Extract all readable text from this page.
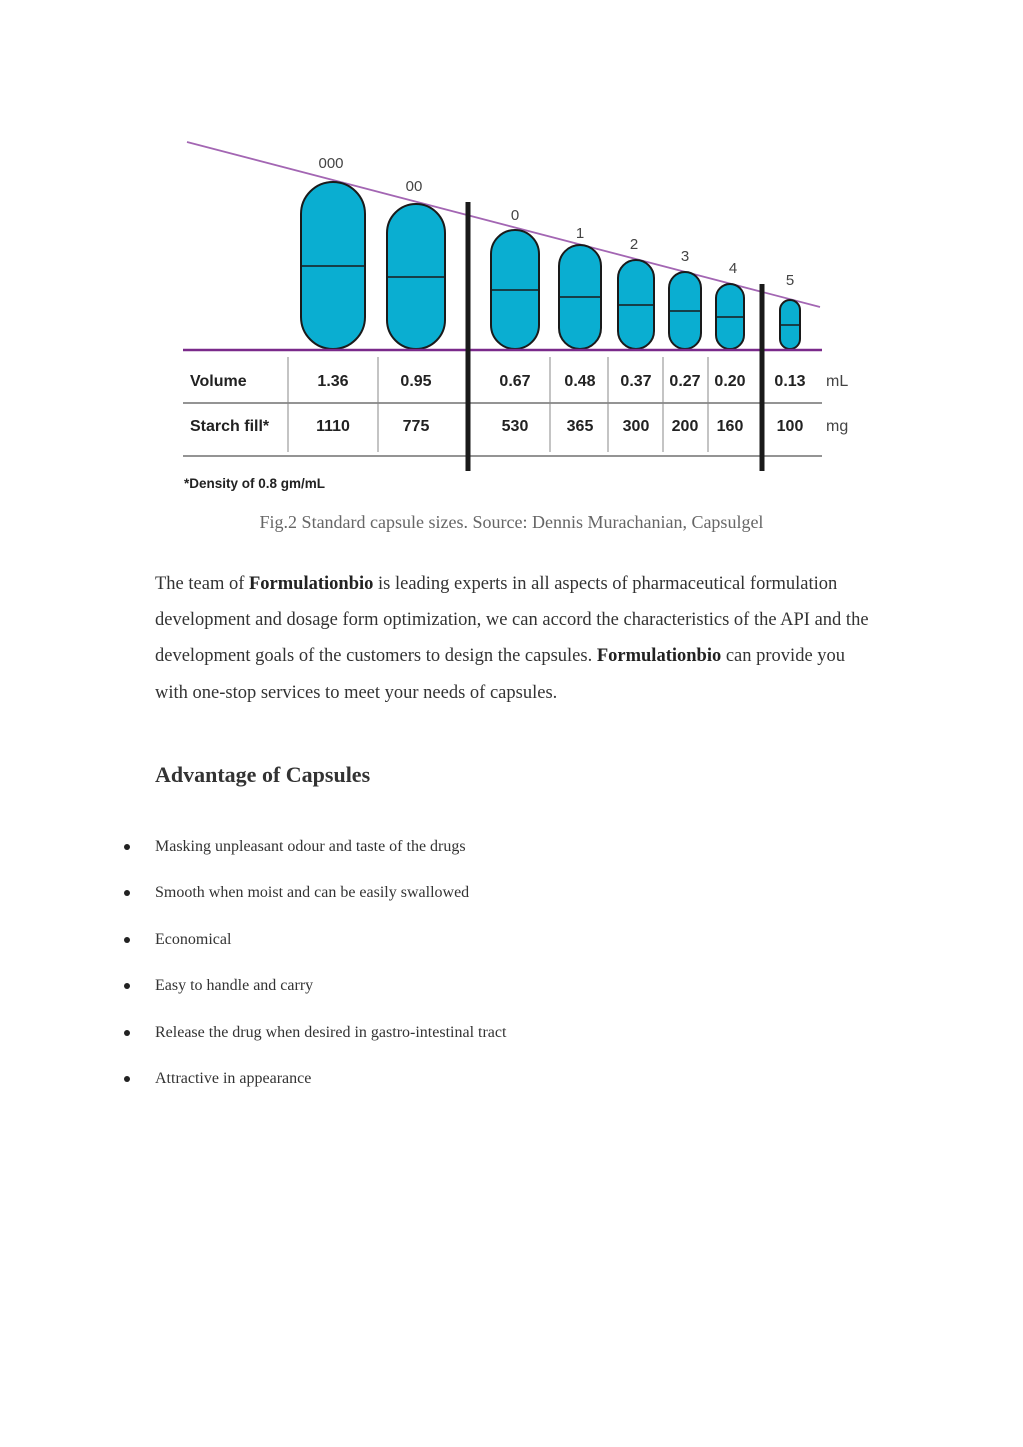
000
00
0
1
2
3
4
5
Volume
Starch fill*
mL
mg
1.36
1110
0.95
775
0.67
530
0.48
365
0.37
300
0.27
200
0.20
160
0.13
100
*Density of 0.8 gm/mL
Fig.2 Standard capsule sizes. Source: Dennis Murachanian, Capsulgel

The team of Formulationbio is leading experts in all aspects of pharmaceutical formulation development and dosage form optimization, we can accord the characteristics of the API and the development goals of the customers to design the capsules. Formulationbio can provide you with one-stop services to meet your needs of capsules.

Advantage of Capsules
Masking unpleasant odour and taste of the drugs
Smooth when moist and can be easily swallowed
Economical
Easy to handle and carry
Release the drug when desired in gastro-intestinal tract
Attractive in appearance
